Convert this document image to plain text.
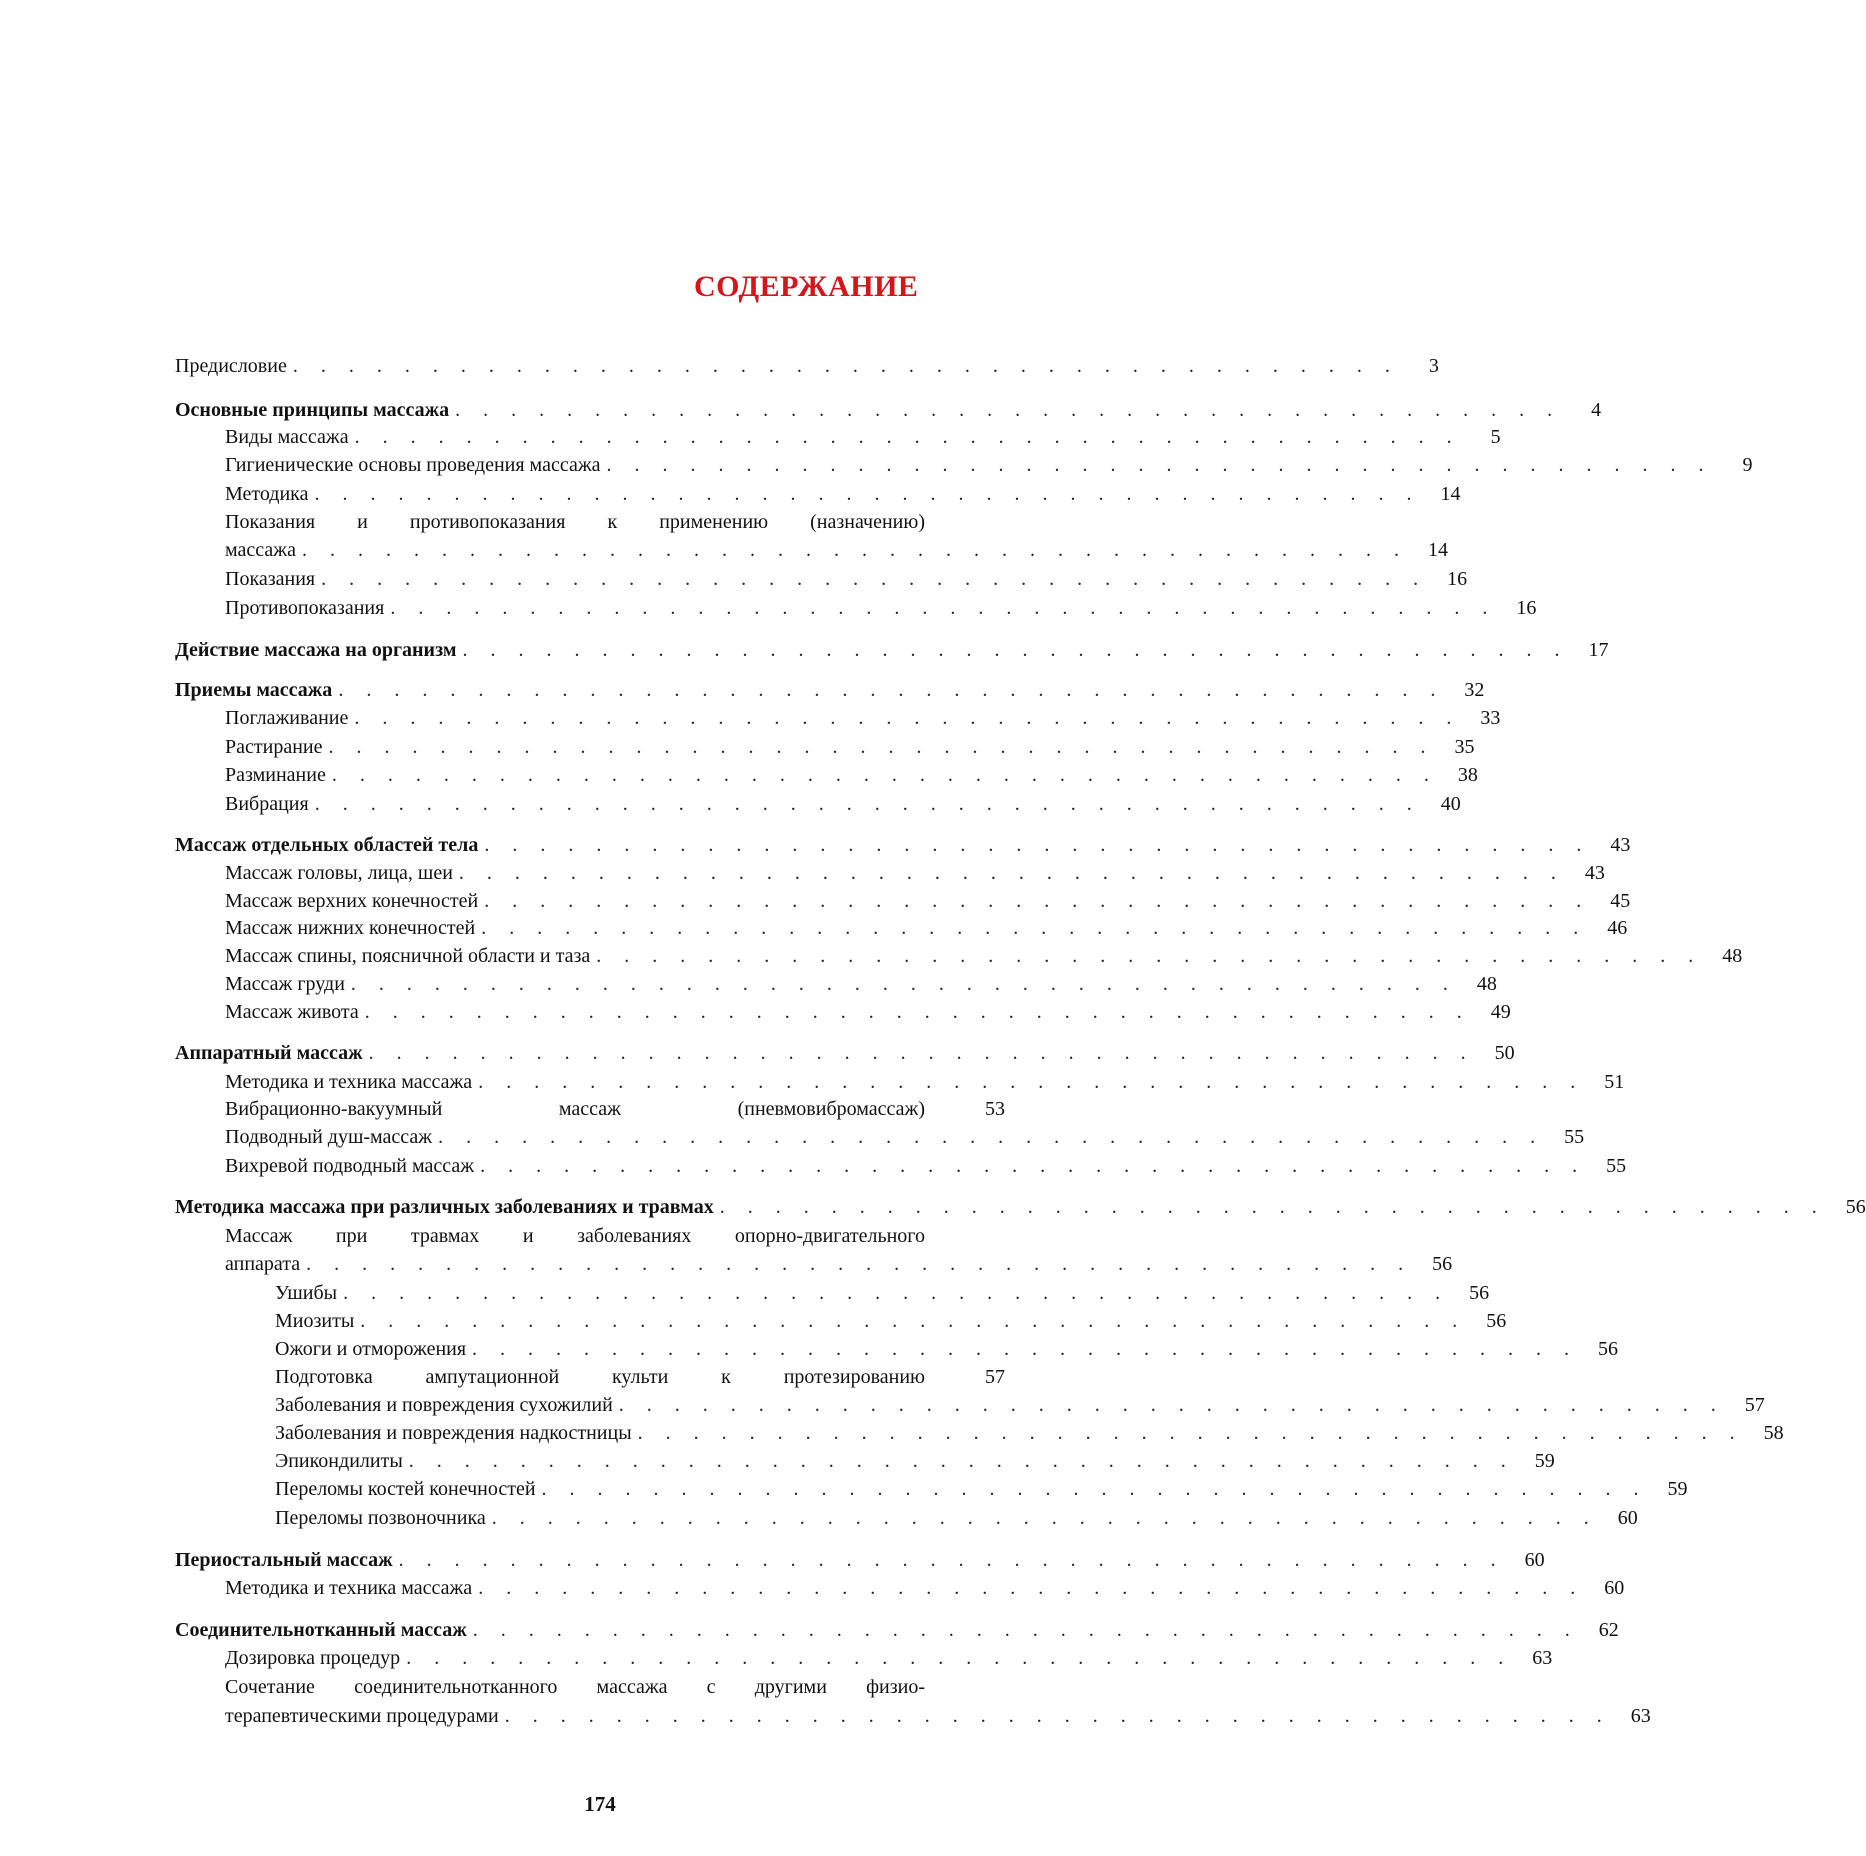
СОДЕРЖАНИЕ
Предисловие . . . . . . . . . . . . . . . . . . . . . . . . . . . . . . . . . . . . . . . .	3
Основные принципы массажа . . . . . . . . . . . . . . . . . . . . . . . . . . . . . . . . . . . . . . . .	4
Виды массажа . . . . . . . . . . . . . . . . . . . . . . . . . . . . . . . . . . . . . . . .	5
Гигиенические основы проведения массажа . . . . . . . . . . . . . . . . . . . . . . . . . . . . . . . . . . . . . . . .	9
Методика . . . . . . . . . . . . . . . . . . . . . . . . . . . . . . . . . . . . . . . .	14
Показания и противопоказания к применению (назначению)
массажа . . . . . . . . . . . . . . . . . . . . . . . . . . . . . . . . . . . . . . . .	14
Показания . . . . . . . . . . . . . . . . . . . . . . . . . . . . . . . . . . . . . . . .	16
Противопоказания . . . . . . . . . . . . . . . . . . . . . . . . . . . . . . . . . . . . . . . .	16
Действие массажа на организм . . . . . . . . . . . . . . . . . . . . . . . . . . . . . . . . . . . . . . . .	17
Приемы массажа . . . . . . . . . . . . . . . . . . . . . . . . . . . . . . . . . . . . . . . .	32
Поглаживание . . . . . . . . . . . . . . . . . . . . . . . . . . . . . . . . . . . . . . . .	33
Растирание . . . . . . . . . . . . . . . . . . . . . . . . . . . . . . . . . . . . . . . .	35
Разминание . . . . . . . . . . . . . . . . . . . . . . . . . . . . . . . . . . . . . . . .	38
Вибрация . . . . . . . . . . . . . . . . . . . . . . . . . . . . . . . . . . . . . . . .	40
Массаж отдельных областей тела . . . . . . . . . . . . . . . . . . . . . . . . . . . . . . . . . . . . . . . .	43
Массаж головы, лица, шеи . . . . . . . . . . . . . . . . . . . . . . . . . . . . . . . . . . . . . . . .	43
Массаж верхних конечностей . . . . . . . . . . . . . . . . . . . . . . . . . . . . . . . . . . . . . . . .	45
Массаж нижних конечностей . . . . . . . . . . . . . . . . . . . . . . . . . . . . . . . . . . . . . . . .	46
Массаж спины, поясничной области и таза . . . . . . . . . . . . . . . . . . . . . . . . . . . . . . . . . . . . . . . .	48
Массаж груди . . . . . . . . . . . . . . . . . . . . . . . . . . . . . . . . . . . . . . . .	48
Массаж живота . . . . . . . . . . . . . . . . . . . . . . . . . . . . . . . . . . . . . . . .	49
Аппаратный массаж . . . . . . . . . . . . . . . . . . . . . . . . . . . . . . . . . . . . . . . .	50
Методика и техника массажа . . . . . . . . . . . . . . . . . . . . . . . . . . . . . . . . . . . . . . . .	51
Вибрационно-вакуумный массаж (пневмовибромассаж)	53
Подводный душ-массаж . . . . . . . . . . . . . . . . . . . . . . . . . . . . . . . . . . . . . . . .	55
Вихревой подводный массаж . . . . . . . . . . . . . . . . . . . . . . . . . . . . . . . . . . . . . . . .	55
Методика массажа при различных заболеваниях и травмах . . . . . . . . . . . . . . . . . . . . . . . . . . . . . . . . . . . . . . . .	56
Массаж при травмах и заболеваниях опорно-двигательного
аппарата . . . . . . . . . . . . . . . . . . . . . . . . . . . . . . . . . . . . . . . .	56
Ушибы . . . . . . . . . . . . . . . . . . . . . . . . . . . . . . . . . . . . . . . .	56
Миозиты . . . . . . . . . . . . . . . . . . . . . . . . . . . . . . . . . . . . . . . .	56
Ожоги и отморожения . . . . . . . . . . . . . . . . . . . . . . . . . . . . . . . . . . . . . . . .	56
Подготовка ампутационной культи к протезированию	57
Заболевания и повреждения сухожилий . . . . . . . . . . . . . . . . . . . . . . . . . . . . . . . . . . . . . . . .	57
Заболевания и повреждения надкостницы . . . . . . . . . . . . . . . . . . . . . . . . . . . . . . . . . . . . . . . .	58
Эпикондилиты . . . . . . . . . . . . . . . . . . . . . . . . . . . . . . . . . . . . . . . .	59
Переломы костей конечностей . . . . . . . . . . . . . . . . . . . . . . . . . . . . . . . . . . . . . . . .	59
Переломы позвоночника . . . . . . . . . . . . . . . . . . . . . . . . . . . . . . . . . . . . . . . .	60
Периостальный массаж . . . . . . . . . . . . . . . . . . . . . . . . . . . . . . . . . . . . . . . .	60
Методика и техника массажа . . . . . . . . . . . . . . . . . . . . . . . . . . . . . . . . . . . . . . . .	60
Соединительнотканный массаж . . . . . . . . . . . . . . . . . . . . . . . . . . . . . . . . . . . . . . . .	62
Дозировка процедур . . . . . . . . . . . . . . . . . . . . . . . . . . . . . . . . . . . . . . . .	63
Сочетание соединительнотканного массажа с другими физио-
терапевтическими процедурами . . . . . . . . . . . . . . . . . . . . . . . . . . . . . . . . . . . . . . . .	63
174
